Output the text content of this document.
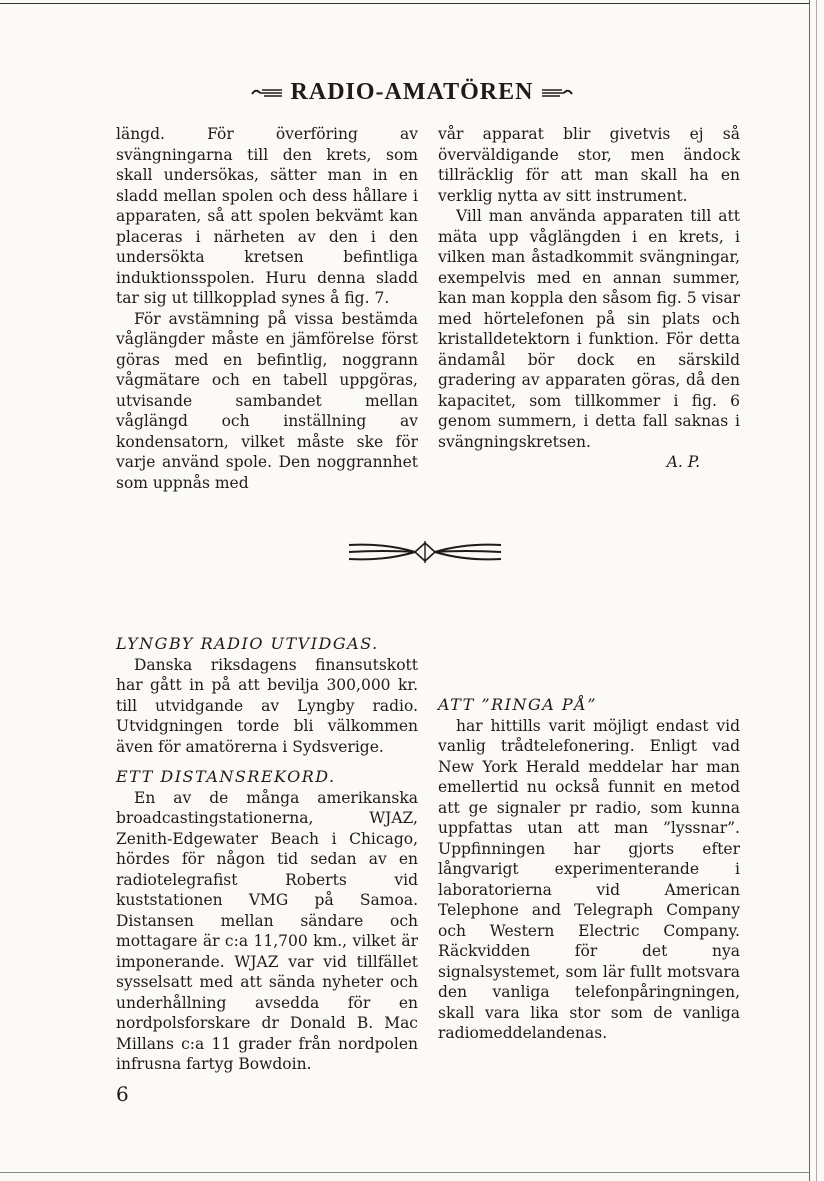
RADIO-AMATÖREN

längd. För överföring av svängningarna till den krets, som skall undersökas, sätter man in en sladd mellan spolen och dess hållare i apparaten, så att spolen bekvämt kan placeras i närheten av den i den undersökta kretsen befintliga induktionsspolen. Huru denna sladd tar sig ut tillkopplad synes å fig. 7.

För avstämning på vissa bestämda våglängder måste en jämförelse först göras med en befintlig, noggrann vågmätare och en tabell uppgöras, utvisande sambandet mellan våglängd och inställning av kondensatorn, vilket måste ske för varje använd spole. Den noggrannhet som uppnås med

vår apparat blir givetvis ej så överväldigande stor, men ändock tillräcklig för att man skall ha en verklig nytta av sitt instrument.

Vill man använda apparaten till att mäta upp våglängden i en krets, i vilken man åstadkommit svängningar, exempelvis med en annan summer, kan man koppla den såsom fig. 5 visar med hörtelefonen på sin plats och kristalldetektorn i funktion. För detta ändamål bör dock en särskild gradering av apparaten göras, då den kapacitet, som tillkommer i fig. 6 genom summern, i detta fall saknas i svängningskretsen.

A. P.

LYNGBY RADIO UTVIDGAS.

Danska riksdagens finansutskott har gått in på att bevilja 300,000 kr. till utvidgande av Lyngby radio. Utvidgningen torde bli välkommen även för amatörerna i Sydsverige.

ETT DISTANSREKORD.

En av de många amerikanska broadcastingstationerna, WJAZ, Zenith-Edgewater Beach i Chicago, hördes för någon tid sedan av en radiotelegrafist Roberts vid kuststationen VMG på Samoa. Distansen mellan sändare och mottagare är c:a 11,700 km., vilket är imponerande. WJAZ var vid tillfället sysselsatt med att sända nyheter och underhållning avsedda för en nordpolsforskare dr Donald B. Mac Millans c:a 11 grader från nordpolen infrusna fartyg Bowdoin.

ATT ”RINGA PÅ”

har hittills varit möjligt endast vid vanlig trådtelefonering. Enligt vad New York Herald meddelar har man emellertid nu också funnit en metod att ge signaler pr radio, som kunna uppfattas utan att man ”lyssnar”. Uppfinningen har gjorts efter långvarigt experimenterande i laboratorierna vid American Telephone and Telegraph Company och Western Electric Company. Räckvidden för det nya signalsystemet, som lär fullt motsvara den vanliga telefonpåringningen, skall vara lika stor som de vanliga radiomeddelandenas.

6
